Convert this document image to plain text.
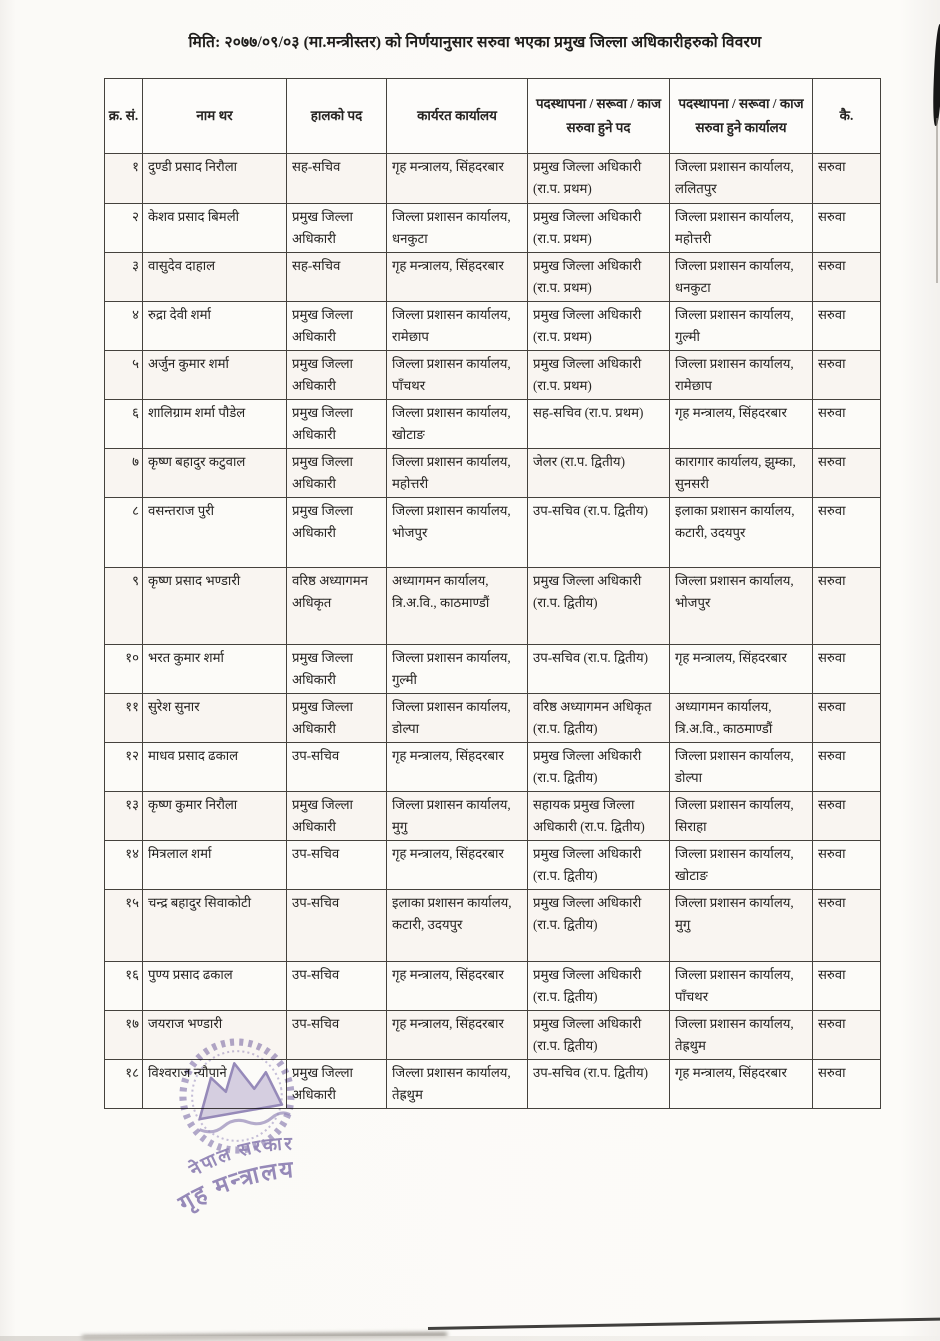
मिति: २०७७/०९/०३ (मा.मन्त्रीस्तर) को निर्णयानुसार सरुवा भएका प्रमुख जिल्ला अधिकारीहरुको विवरण
क्र. सं.	नाम थर	हालको पद	कार्यरत कार्यालय	पदस्थापना / सरूवा / काज सरुवा हुने पद	पदस्थापना / सरूवा / काज सरुवा हुने कार्यालय	कै.
१	दुण्डी प्रसाद निरौला	सह-सचिव	गृह मन्त्रालय, सिंहदरबार	प्रमुख जिल्ला अधिकारी (रा.प. प्रथम)	जिल्ला प्रशासन कार्यालय, ललितपुर	सरुवा
२	केशव प्रसाद बिमली	प्रमुख जिल्ला अधिकारी	जिल्ला प्रशासन कार्यालय, धनकुटा	प्रमुख जिल्ला अधिकारी (रा.प. प्रथम)	जिल्ला प्रशासन कार्यालय, महोत्तरी	सरुवा
३	वासुदेव दाहाल	सह-सचिव	गृह मन्त्रालय, सिंहदरबार	प्रमुख जिल्ला अधिकारी (रा.प. प्रथम)	जिल्ला प्रशासन कार्यालय, धनकुटा	सरुवा
४	रुद्रा देवी शर्मा	प्रमुख जिल्ला अधिकारी	जिल्ला प्रशासन कार्यालय, रामेछाप	प्रमुख जिल्ला अधिकारी (रा.प. प्रथम)	जिल्ला प्रशासन कार्यालय, गुल्मी	सरुवा
५	अर्जुन कुमार शर्मा	प्रमुख जिल्ला अधिकारी	जिल्ला प्रशासन कार्यालय, पाँचथर	प्रमुख जिल्ला अधिकारी (रा.प. प्रथम)	जिल्ला प्रशासन कार्यालय, रामेछाप	सरुवा
६	शालिग्राम शर्मा पौडेल	प्रमुख जिल्ला अधिकारी	जिल्ला प्रशासन कार्यालय, खोटाङ	सह-सचिव (रा.प. प्रथम)	गृह मन्त्रालय, सिंहदरबार	सरुवा
७	कृष्ण बहादुर कटुवाल	प्रमुख जिल्ला अधिकारी	जिल्ला प्रशासन कार्यालय, महोत्तरी	जेलर (रा.प. द्वितीय)	कारागार कार्यालय, झुम्का, सुनसरी	सरुवा
८	वसन्तराज पुरी	प्रमुख जिल्ला अधिकारी	जिल्ला प्रशासन कार्यालय, भोजपुर	उप-सचिव (रा.प. द्वितीय)	इलाका प्रशासन कार्यालय, कटारी, उदयपुर	सरुवा
९	कृष्ण प्रसाद भण्डारी	वरिष्ठ अध्यागमन अधिकृत	अध्यागमन कार्यालय, त्रि.अ.वि., काठमाण्डौं	प्रमुख जिल्ला अधिकारी (रा.प. द्वितीय)	जिल्ला प्रशासन कार्यालय, भोजपुर	सरुवा
१०	भरत कुमार शर्मा	प्रमुख जिल्ला अधिकारी	जिल्ला प्रशासन कार्यालय, गुल्मी	उप-सचिव (रा.प. द्वितीय)	गृह मन्त्रालय, सिंहदरबार	सरुवा
११	सुरेश सुनार	प्रमुख जिल्ला अधिकारी	जिल्ला प्रशासन कार्यालय, डोल्पा	वरिष्ठ अध्यागमन अधिकृत (रा.प. द्वितीय)	अध्यागमन कार्यालय, त्रि.अ.वि., काठमाण्डौं	सरुवा
१२	माधव प्रसाद ढकाल	उप-सचिव	गृह मन्त्रालय, सिंहदरबार	प्रमुख जिल्ला अधिकारी (रा.प. द्वितीय)	जिल्ला प्रशासन कार्यालय, डोल्पा	सरुवा
१३	कृष्ण कुमार निरौला	प्रमुख जिल्ला अधिकारी	जिल्ला प्रशासन कार्यालय, मुगु	सहायक प्रमुख जिल्ला अधिकारी (रा.प. द्वितीय)	जिल्ला प्रशासन कार्यालय, सिराहा	सरुवा
१४	मित्रलाल शर्मा	उप-सचिव	गृह मन्त्रालय, सिंहदरबार	प्रमुख जिल्ला अधिकारी (रा.प. द्वितीय)	जिल्ला प्रशासन कार्यालय, खोटाङ	सरुवा
१५	चन्द्र बहादुर सिवाकोटी	उप-सचिव	इलाका प्रशासन कार्यालय, कटारी, उदयपुर	प्रमुख जिल्ला अधिकारी (रा.प. द्वितीय)	जिल्ला प्रशासन कार्यालय, मुगु	सरुवा
१६	पुण्य प्रसाद ढकाल	उप-सचिव	गृह मन्त्रालय, सिंहदरबार	प्रमुख जिल्ला अधिकारी (रा.प. द्वितीय)	जिल्ला प्रशासन कार्यालय, पाँचथर	सरुवा
१७	जयराज भण्डारी	उप-सचिव	गृह मन्त्रालय, सिंहदरबार	प्रमुख जिल्ला अधिकारी (रा.प. द्वितीय)	जिल्ला प्रशासन कार्यालय, तेह्रथुम	सरुवा
१८	विश्वराज न्यौपाने	प्रमुख जिल्ला अधिकारी	जिल्ला प्रशासन कार्यालय, तेह्रथुम	उप-सचिव (रा.प. द्वितीय)	गृह मन्त्रालय, सिंहदरबार	सरुवा
नेपाल सरकार
गृह मन्त्रालय
